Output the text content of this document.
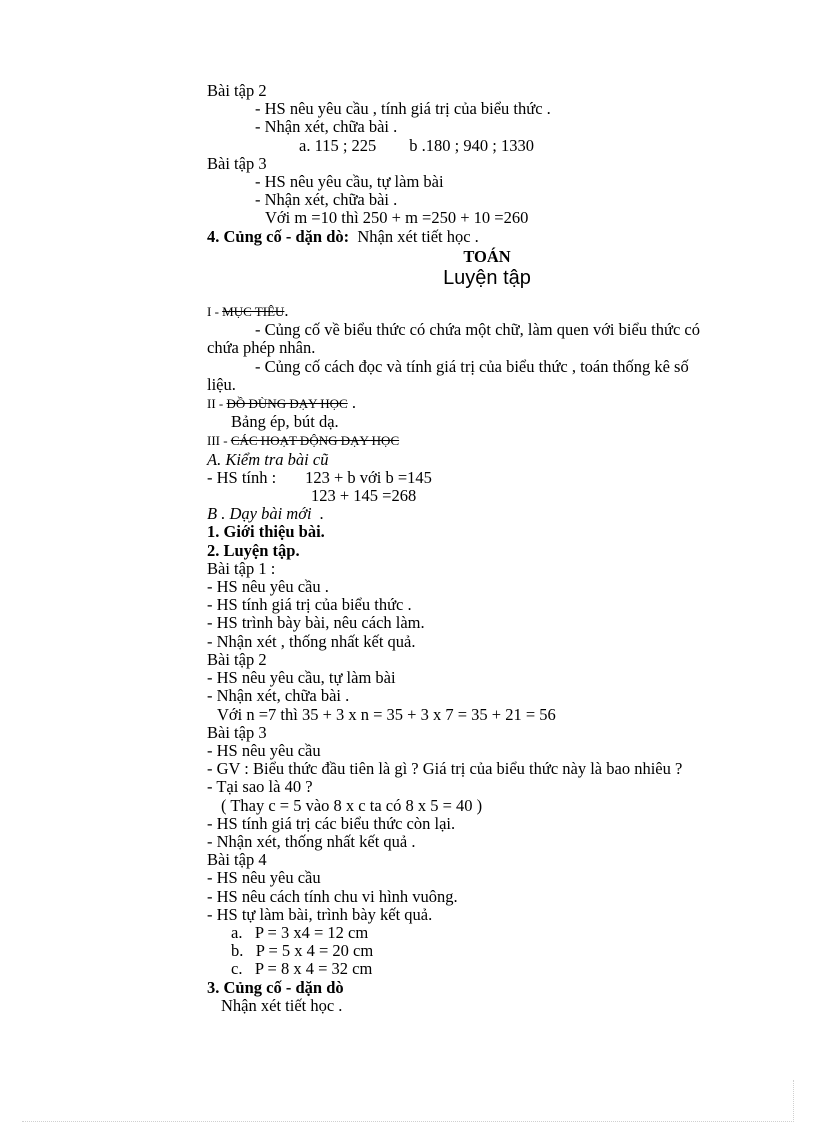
Bài tập 2
- HS nêu yêu cầu , tính giá trị của biểu thức .
- Nhận xét, chữa bài .
a. 115 ; 225        b .180 ; 940 ; 1330
Bài tập 3
- HS nêu yêu cầu, tự làm bài
- Nhận xét, chữa bài .
Với m =10 thì 250 + m =250 + 10 =260
4. Củng cố - dặn dò:  Nhận xét tiết học .
TOÁN
Luyện tập
I - MỤC TIÊU.
- Củng cố về biểu thức có chứa một chữ, làm quen với biểu thức có
chứa phép nhân.
- Củng cố cách đọc và tính giá trị của biểu thức , toán thống kê số
liệu.
II - ĐỒ DÙNG DẠY HỌC .
Bảng ép, bút dạ.
III - CÁC HOẠT ĐỘNG DẠY HỌC
A. Kiểm tra bài cũ
- HS tính :       123 + b với b =145
123 + 145 =268
B . Dạy bài mới  .
1. Giới thiệu bài.
2. Luyện tập.
Bài tập 1 :
- HS nêu yêu cầu .
- HS tính giá trị của biểu thức .
- HS trình bày bài, nêu cách làm.
- Nhận xét , thống nhất kết quả.
Bài tập 2
- HS nêu yêu cầu, tự làm bài
- Nhận xét, chữa bài .
Với n =7 thì 35 + 3 x n = 35 + 3 x 7 = 35 + 21 = 56
Bài tập 3
- HS nêu yêu cầu
- GV : Biểu thức đầu tiên là gì ? Giá trị của biểu thức này là bao nhiêu ?
- Tại sao là 40 ?
( Thay c = 5 vào 8 x c ta có 8 x 5 = 40 )
- HS tính giá trị các biểu thức còn lại.
- Nhận xét, thống nhất kết quả .
Bài tập 4
- HS nêu yêu cầu
- HS nêu cách tính chu vi hình vuông.
- HS tự làm bài, trình bày kết quả.
a.   P = 3 x4 = 12 cm
b.   P = 5 x 4 = 20 cm
c.   P = 8 x 4 = 32 cm
3. Củng cố - dặn dò
Nhận xét tiết học .
